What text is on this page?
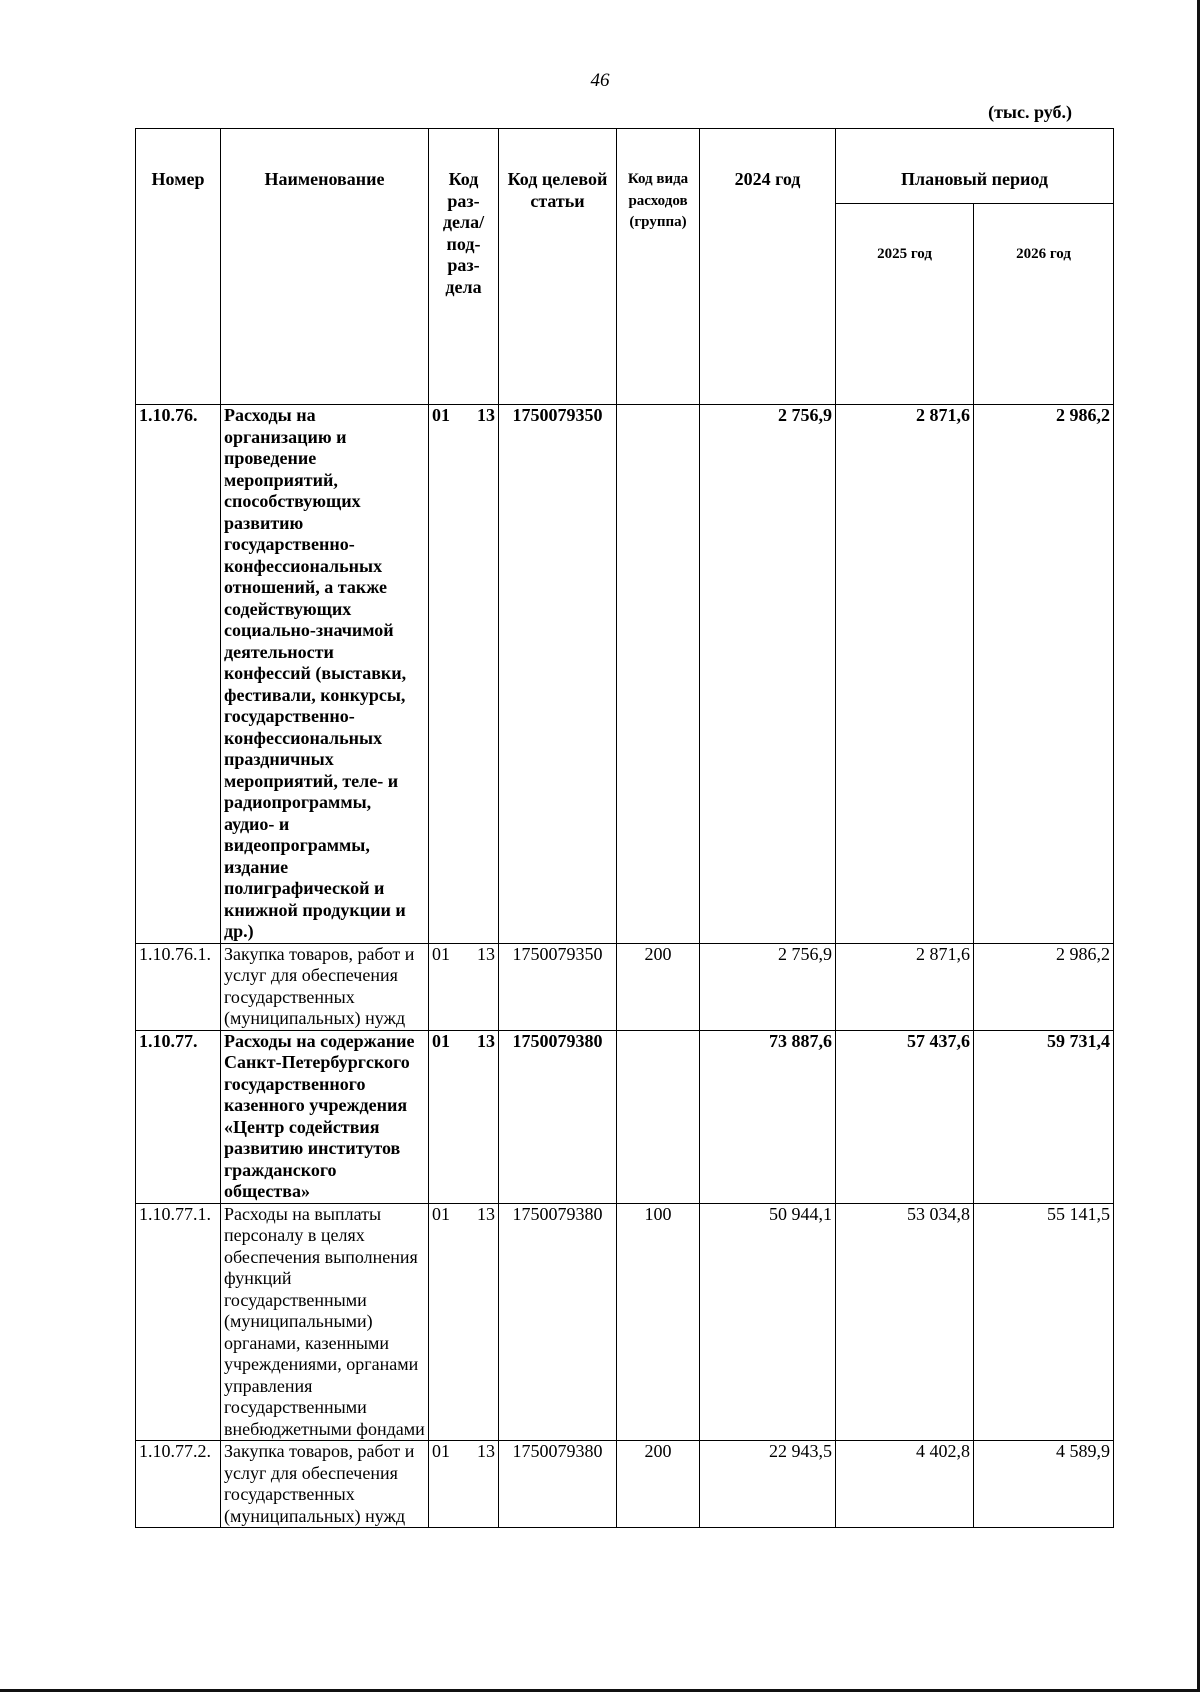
46
(тыс. руб.)
Номер	Наименование	Код раз-дела/ под-раз-дела	Код целевой статьи	Код вида расходов (группа)	2024 год	Плановый период	
						2025 год	2026 год
1.10.76.	Расходы на организацию и проведение мероприятий, способствующих развитию государственно-конфессиональных отношений, а также содействующих социально-значимой деятельности конфессий (выставки, фестивали, конкурсы, государственно-конфессиональных праздничных мероприятий, теле- и радиопрограммы, аудио- и видеопрограммы, издание полиграфической и книжной продукции и др.)	01 13	1750079350		2 756,9	2 871,6	2 986,2
1.10.76.1.	Закупка товаров, работ и услуг для обеспечения государственных (муниципальных) нужд	01 13	1750079350	200	2 756,9	2 871,6	2 986,2
1.10.77.	Расходы на содержание Санкт-Петербургского государственного казенного учреждения «Центр содействия развитию институтов гражданского общества»	01 13	1750079380		73 887,6	57 437,6	59 731,4
1.10.77.1.	Расходы на выплаты персоналу в целях обеспечения выполнения функций государственными (муниципальными) органами, казенными учреждениями, органами управления государственными внебюджетными фондами	01 13	1750079380	100	50 944,1	53 034,8	55 141,5
1.10.77.2.	Закупка товаров, работ и услуг для обеспечения государственных (муниципальных) нужд	01 13	1750079380	200	22 943,5	4 402,8	4 589,9
